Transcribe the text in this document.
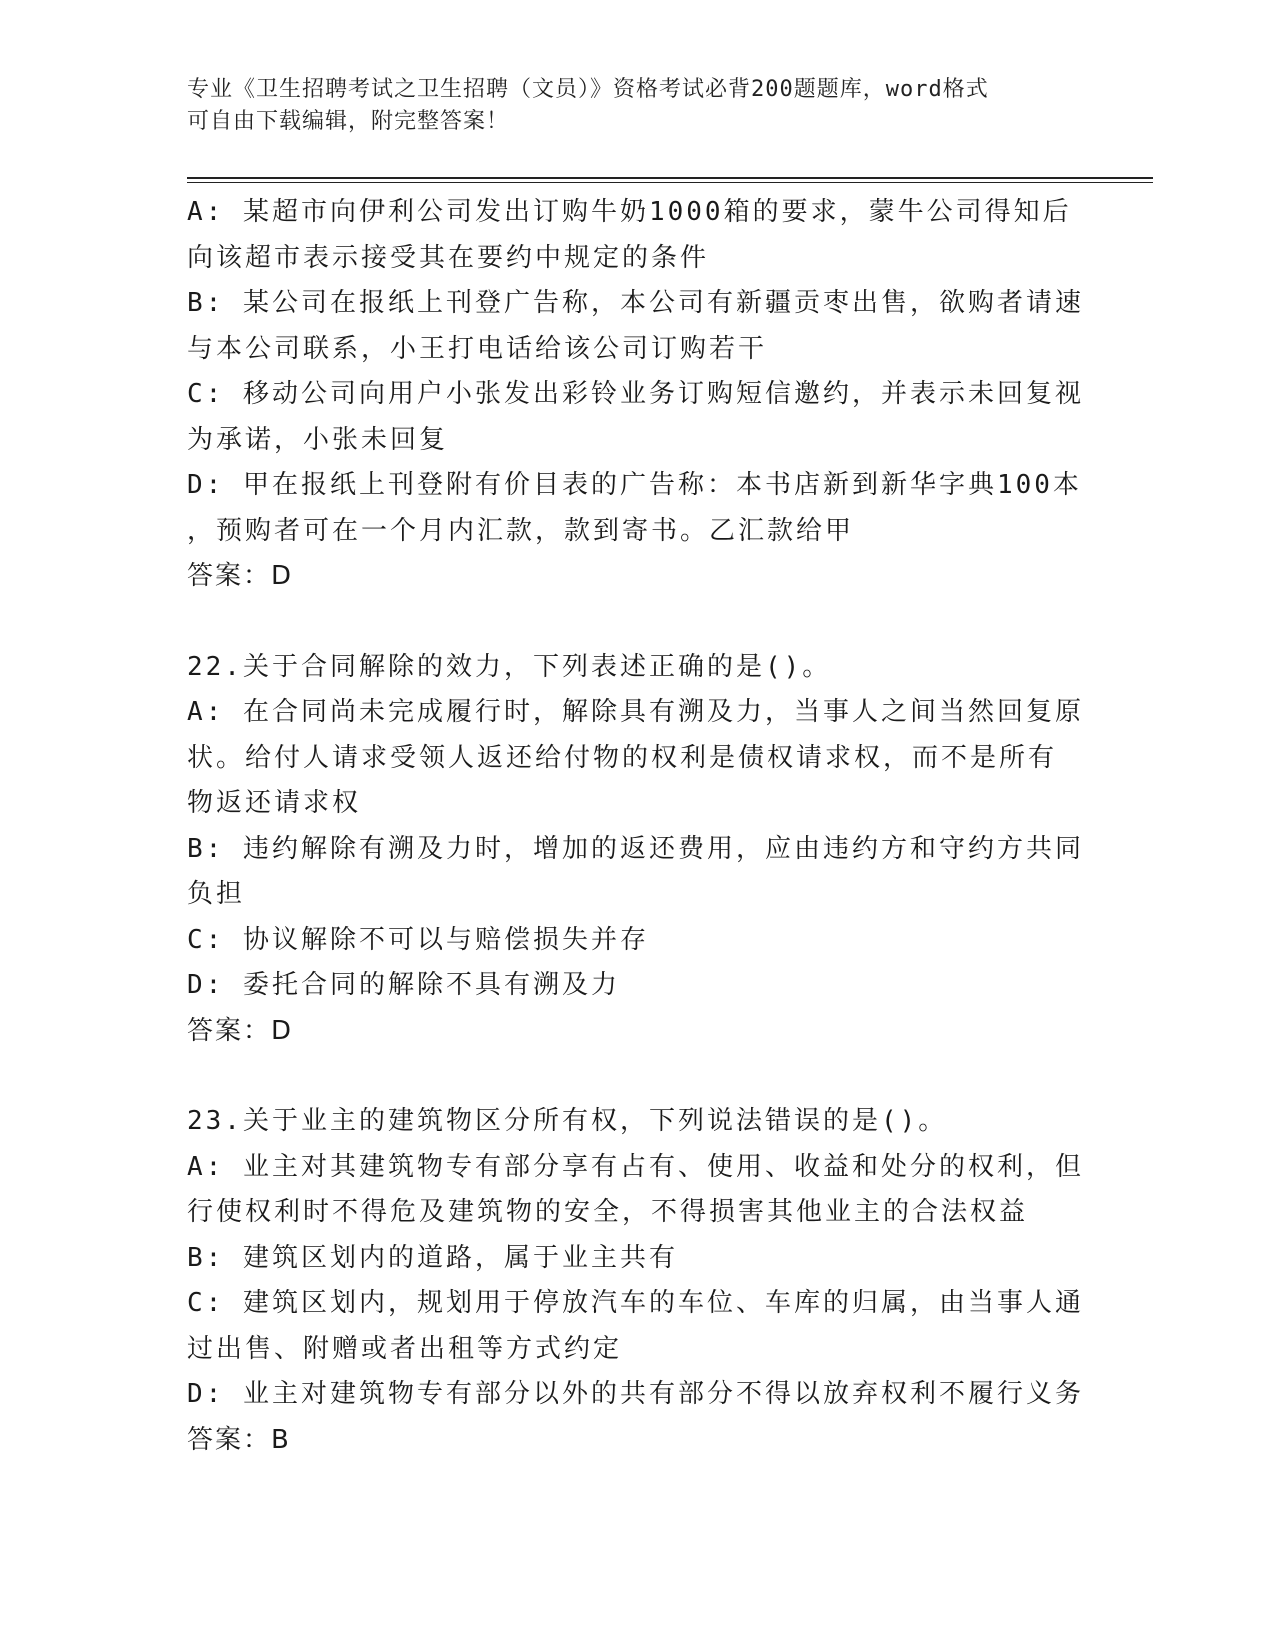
专业《卫生招聘考试之卫生招聘（文员）》资格考试必背200题题库，word格式
可自由下载编辑，附完整答案！
A: 某超市向伊利公司发出订购牛奶1000箱的要求，蒙牛公司得知后
向该超市表示接受其在要约中规定的条件
B: 某公司在报纸上刊登广告称，本公司有新疆贡枣出售，欲购者请速
与本公司联系，小王打电话给该公司订购若干
C: 移动公司向用户小张发出彩铃业务订购短信邀约，并表示未回复视
为承诺，小张未回复
D: 甲在报纸上刊登附有价目表的广告称：本书店新到新华字典100本
，预购者可在一个月内汇款，款到寄书。乙汇款给甲
答案：D
22.关于合同解除的效力，下列表述正确的是()。
A: 在合同尚未完成履行时，解除具有溯及力，当事人之间当然回复原
状。给付人请求受领人返还给付物的权利是债权请求权，而不是所有
物返还请求权
B: 违约解除有溯及力时，增加的返还费用，应由违约方和守约方共同
负担
C: 协议解除不可以与赔偿损失并存
D: 委托合同的解除不具有溯及力
答案：D
23.关于业主的建筑物区分所有权，下列说法错误的是()。
A: 业主对其建筑物专有部分享有占有、使用、收益和处分的权利，但
行使权利时不得危及建筑物的安全，不得损害其他业主的合法权益
B: 建筑区划内的道路，属于业主共有
C: 建筑区划内，规划用于停放汽车的车位、车库的归属，由当事人通
过出售、附赠或者出租等方式约定
D: 业主对建筑物专有部分以外的共有部分不得以放弃权利不履行义务
答案：B
